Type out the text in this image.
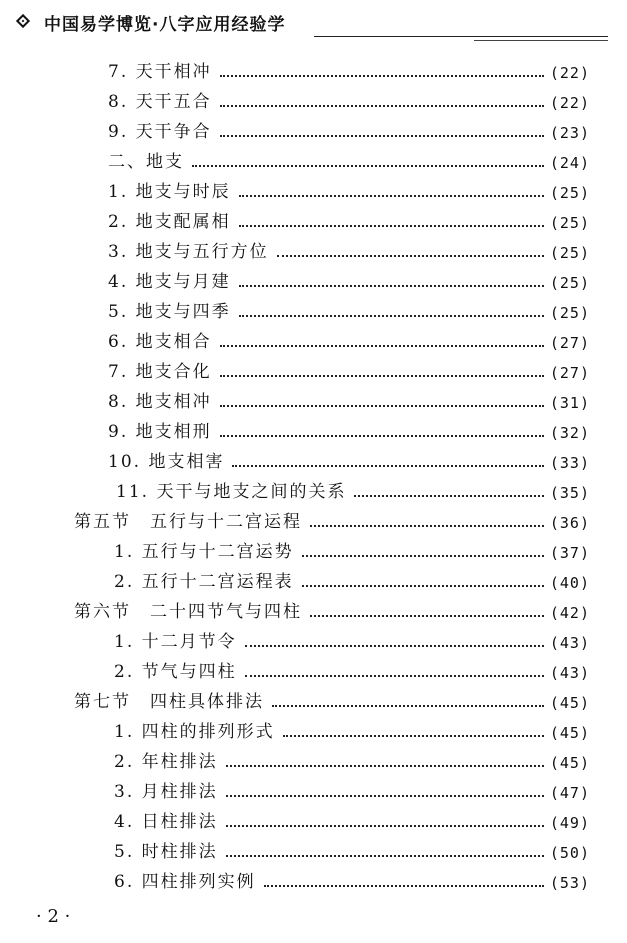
中国易学博览·八字应用经验学
7. 天干相冲	(22)
8. 天干五合	(22)
9. 天干争合	(23)
二、地支	(24)
1. 地支与时辰	(25)
2. 地支配属相	(25)
3. 地支与五行方位	(25)
4. 地支与月建	(25)
5. 地支与四季	(25)
6. 地支相合	(27)
7. 地支合化	(27)
8. 地支相冲	(31)
9. 地支相刑	(32)
10. 地支相害	(33)
11. 天干与地支之间的关系	(35)
第五节　五行与十二宫运程	(36)
1. 五行与十二宫运势	(37)
2. 五行十二宫运程表	(40)
第六节　二十四节气与四柱	(42)
1. 十二月节令	(43)
2. 节气与四柱	(43)
第七节　四柱具体排法	(45)
1. 四柱的排列形式	(45)
2. 年柱排法	(45)
3. 月柱排法	(47)
4. 日柱排法	(49)
5. 时柱排法	(50)
6. 四柱排列实例	(53)
· 2 ·
